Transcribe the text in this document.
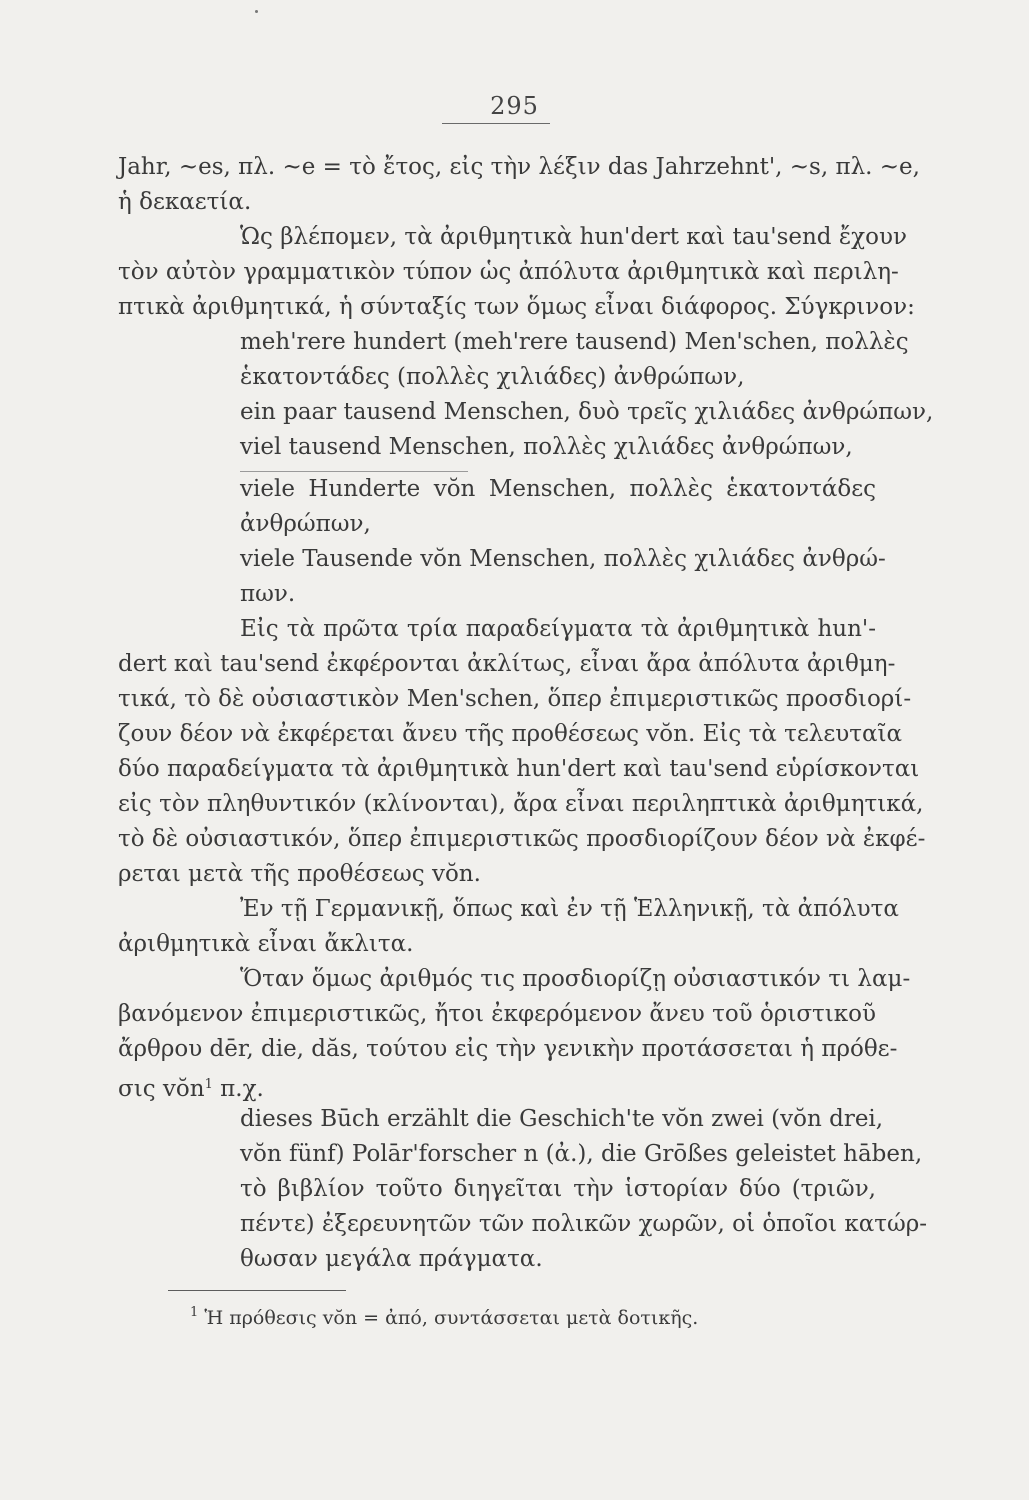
295
Jahr, ~es, πλ. ~e = τὸ ἔτος, εἰς τὴν λέξιν das Jahrzehnt', ~s, πλ. ~e,
ἡ δεκαετία.
Ὡς βλέπομεν, τὰ ἀριθμητικὰ hun'dert καὶ tau'send ἔχουν
τὸν αὐτὸν γραμματικὸν τύπον ὡς ἀπόλυτα ἀριθμητικὰ καὶ περιλη-
πτικὰ ἀριθμητικά, ἡ σύνταξίς των ὅμως εἶναι διάφορος. Σύγκρινον:
meh'rere hundert (meh'rere tausend) Men'schen, πολλὲς
ἑκατοντάδες (πολλὲς χιλιάδες) ἀνθρώπων,
ein paar tausend Menschen, δυὸ τρεῖς χιλιάδες ἀνθρώπων,
viel tausend Menschen, πολλὲς χιλιάδες ἀνθρώπων,
viele Hunderte vŏn Menschen, πολλὲς ἑκατοντάδες
ἀνθρώπων,
viele Tausende vŏn Menschen, πολλὲς χιλιάδες ἀνθρώ-
πων.
Εἰς τὰ πρῶτα τρία παραδείγματα τὰ ἀριθμητικὰ hun'-
dert καὶ tau'send ἐκφέρονται ἀκλίτως, εἶναι ἄρα ἀπόλυτα ἀριθμη-
τικά, τὸ δὲ οὐσιαστικὸν Men'schen, ὅπερ ἐπιμεριστικῶς προσδιορί-
ζουν δέον νὰ ἐκφέρεται ἄνευ τῆς προθέσεως vŏn. Εἰς τὰ τελευταῖα
δύο παραδείγματα τὰ ἀριθμητικὰ hun'dert καὶ tau'send εὑρίσκονται
εἰς τὸν πληθυντικόν (κλίνονται), ἄρα εἶναι περιληπτικὰ ἀριθμητικά,
τὸ δὲ οὐσιαστικόν, ὅπερ ἐπιμεριστικῶς προσδιορίζουν δέον νὰ ἐκφέ-
ρεται μετὰ τῆς προθέσεως vŏn.
Ἐν τῇ Γερμανικῇ, ὅπως καὶ ἐν τῇ Ἑλληνικῇ, τὰ ἀπόλυτα
ἀριθμητικὰ εἶναι ἄκλιτα.
Ὅταν ὅμως ἀριθμός τις προσδιορίζῃ οὐσιαστικόν τι λαμ-
βανόμενον ἐπιμεριστικῶς, ἤτοι ἐκφερόμενον ἄνευ τοῦ ὁριστικοῦ
ἄρθρου dēr, die, dăs, τούτου εἰς τὴν γενικὴν προτάσσεται ἡ πρόθε-
σις vŏn$^1$ π.χ.
dieses Būch erzählt die Geschich'te vŏn zwei (vŏn drei,
vŏn fünf) Polār'forscher n (ἀ.), die Grōßes geleistet hāben,
τὸ βιβλίον τοῦτο διηγεῖται τὴν ἱστορίαν δύο (τριῶν,
πέντε) ἐξερευνητῶν τῶν πολικῶν χωρῶν, οἱ ὁποῖοι κατώρ-
θωσαν μεγάλα πράγματα.
$^1$ Ἡ πρόθεσις vŏn = ἀπό, συντάσσεται μετὰ δοτικῆς.
